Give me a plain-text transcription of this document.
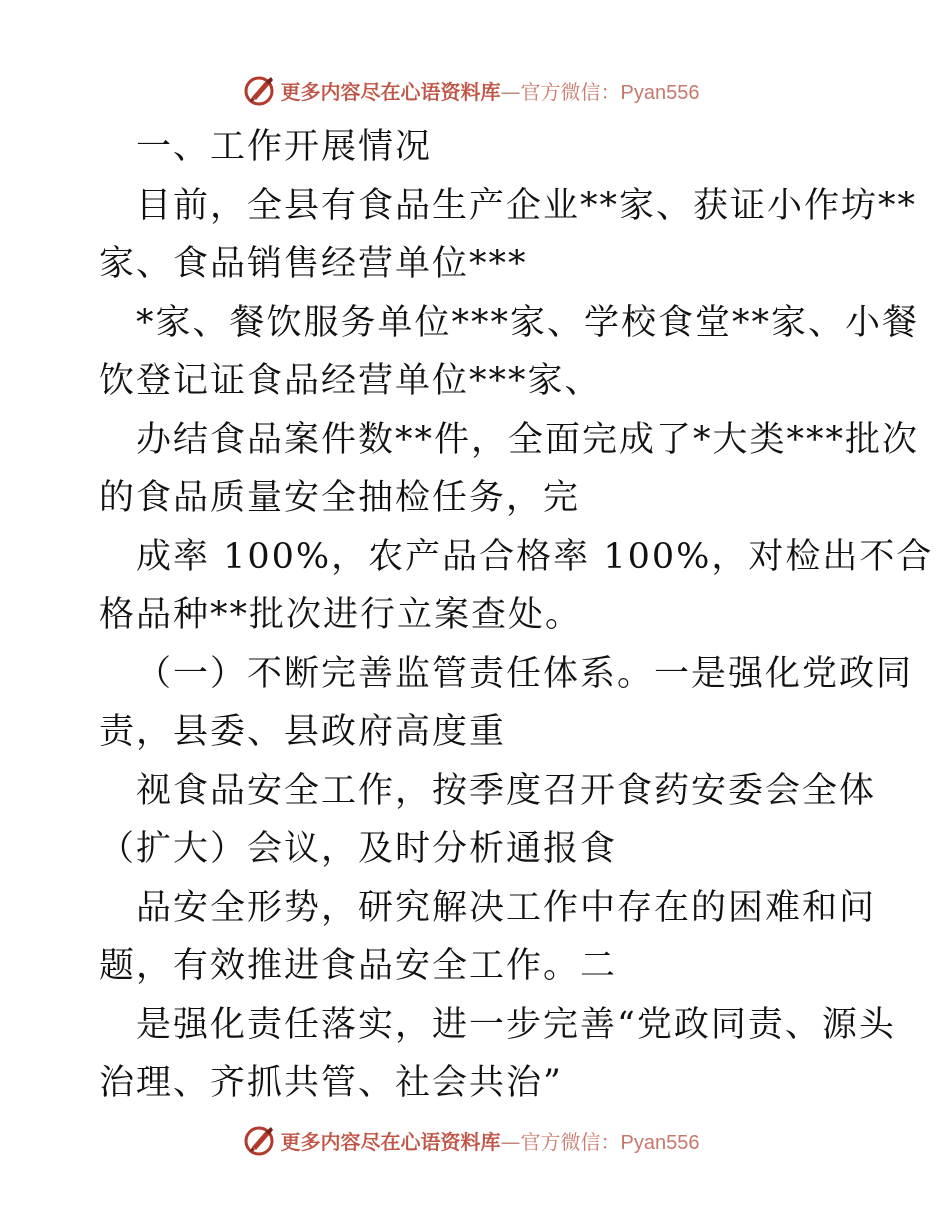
更多内容尽在心语资料库—官方微信：Pyan556
一、工作开展情况
目前，全县有食品生产企业**家、获证小作坊**
家、食品销售经营单位***
*家、餐饮服务单位***家、学校食堂**家、小餐
饮登记证食品经营单位***家、
办结食品案件数**件，全面完成了*大类***批次
的食品质量安全抽检任务，完
成率 100%，农产品合格率 100%，对检出不合
格品种**批次进行立案查处。
（一）不断完善监管责任体系。一是强化党政同
责，县委、县政府高度重
视食品安全工作，按季度召开食药安委会全体
（扩大）会议，及时分析通报食
品安全形势，研究解决工作中存在的困难和问
题，有效推进食品安全工作。二
是强化责任落实，进一步完善“党政同责、源头
治理、齐抓共管、社会共治”
更多内容尽在心语资料库—官方微信：Pyan556
